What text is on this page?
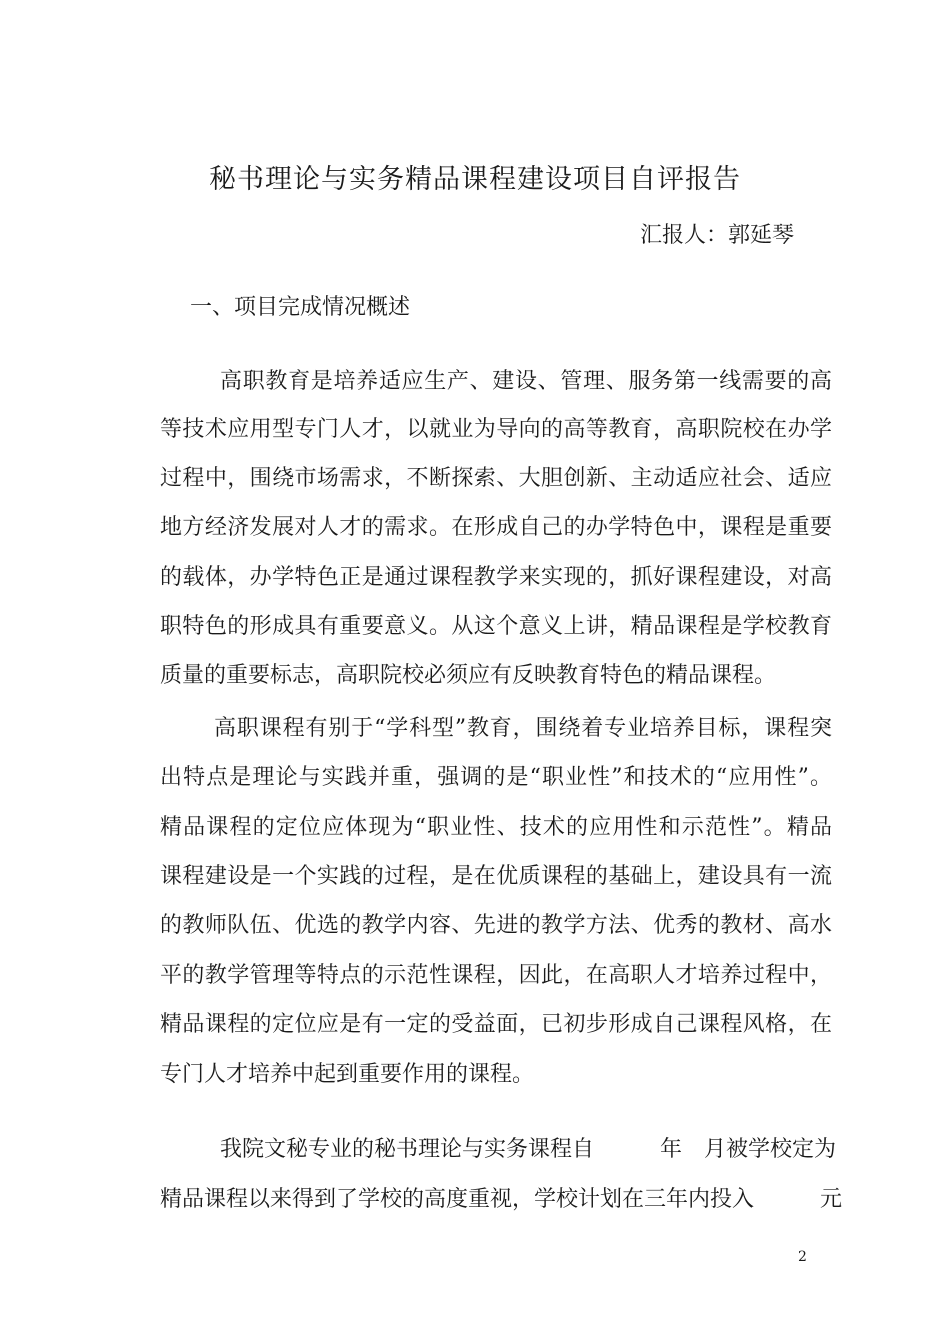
秘书理论与实务精品课程建设项目自评报告
汇报人：郭延琴
一、项目完成情况概述
高职教育是培养适应生产、建设、管理、服务第一线需要的高
等技术应用型专门人才，以就业为导向的高等教育，高职院校在办学
过程中，围绕市场需求，不断探索、大胆创新、主动适应社会、适应
地方经济发展对人才的需求。在形成自己的办学特色中，课程是重要
的载体，办学特色正是通过课程教学来实现的，抓好课程建设，对高
职特色的形成具有重要意义。从这个意义上讲，精品课程是学校教育
质量的重要标志，高职院校必须应有反映教育特色的精品课程。
高职课程有别于“学科型”教育，围绕着专业培养目标，课程突
出特点是理论与实践并重，强调的是“职业性”和技术的“应用性”。
精品课程的定位应体现为“职业性、技术的应用性和示范性”。精品
课程建设是一个实践的过程，是在优质课程的基础上，建设具有一流
的教师队伍、优选的教学内容、先进的教学方法、优秀的教材、高水
平的教学管理等特点的示范性课程，因此，在高职人才培养过程中，
精品课程的定位应是有一定的受益面，已初步形成自己课程风格，在
专门人才培养中起到重要作用的课程。
我院文秘专业的秘书理论与实务课程自　　　年　月被学校定为
精品课程以来得到了学校的高度重视，学校计划在三年内投入　　　元
2
